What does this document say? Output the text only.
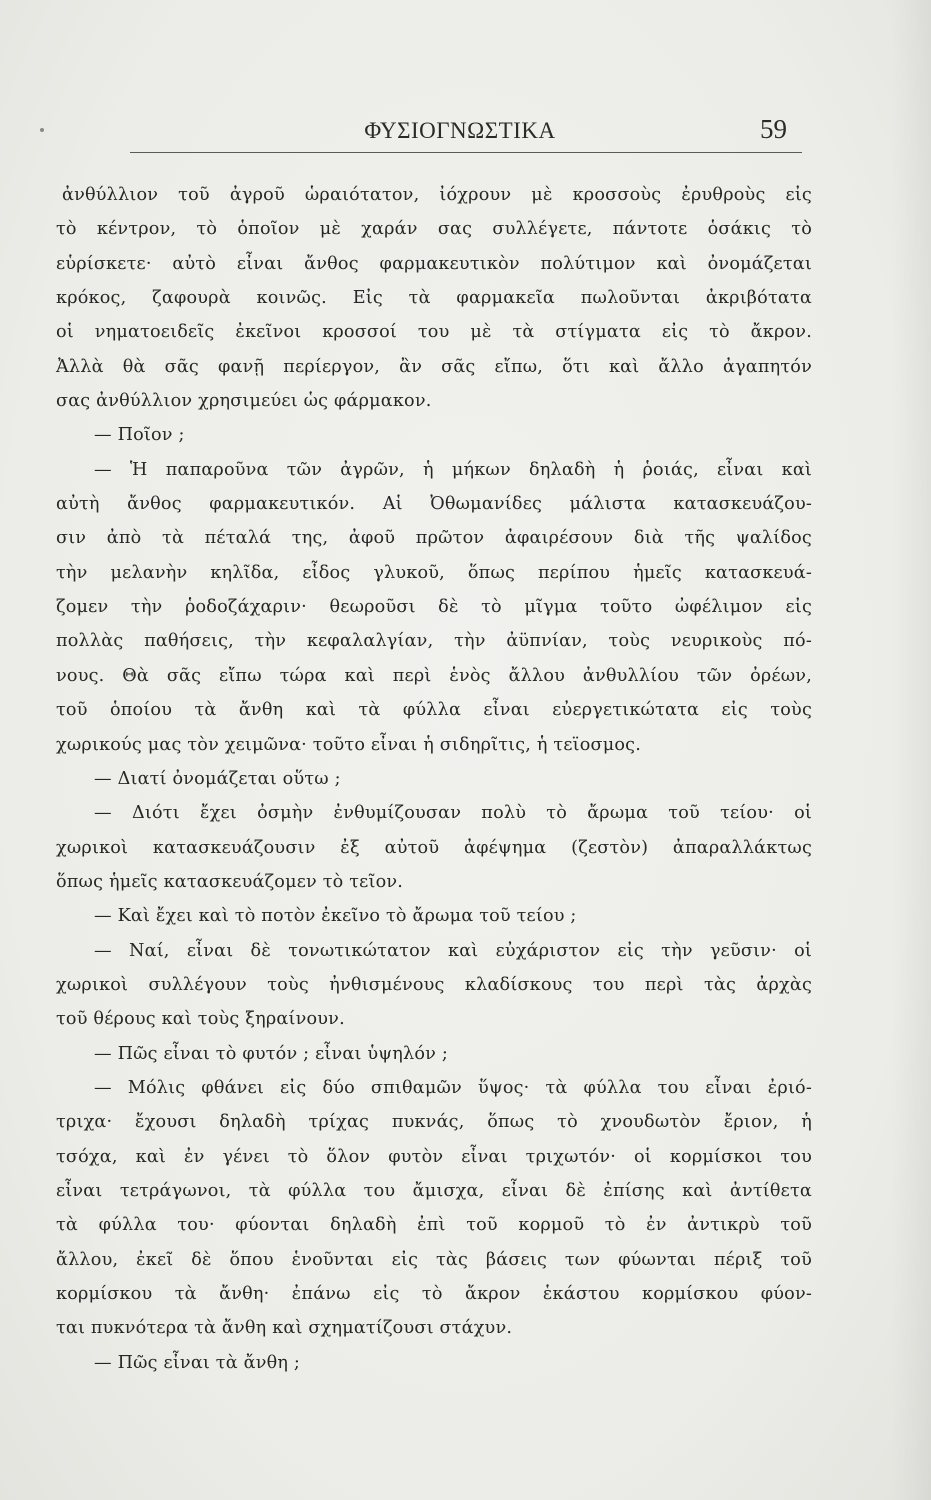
ΦΥΣΙΟΓΝΩΣΤΙΚΑ	59
ἀνθύλλιον τοῦ ἀγροῦ ὡραιότατον, ἰόχρουν μὲ κροσσοὺς ἐρυθροὺς εἰς
τὸ κέντρον, τὸ ὁποῖον μὲ χαράν σας συλλέγετε, πάντοτε ὁσάκις τὸ
εὑρίσκετε· αὐτὸ εἶναι ἄνθος φαρμακευτικὸν πολύτιμον καὶ ὀνομάζεται
κρόκος, ζαφουρὰ κοινῶς. Εἰς τὰ φαρμακεῖα πωλοῦνται ἀκριβότατα
οἱ νηματοειδεῖς ἐκεῖνοι κροσσοί του μὲ τὰ στίγματα εἰς τὸ ἄκρον.
Ἀλλὰ θὰ σᾶς φανῇ περίεργον, ἂν σᾶς εἴπω, ὅτι καὶ ἄλλο ἀγαπητόν
σας ἀνθύλλιον χρησιμεύει ὡς φάρμακον.
— Ποῖον ;
— Ἡ παπαροῦνα τῶν ἀγρῶν, ἡ μήκων δηλαδὴ ἡ ῥοιάς, εἶναι καὶ
αὐτὴ ἄνθος φαρμακευτικόν. Αἱ Ὀθωμανίδες μάλιστα κατασκευάζου-
σιν ἀπὸ τὰ πέταλά της, ἀφοῦ πρῶτον ἀφαιρέσουν διὰ τῆς ψαλίδος
τὴν μελανὴν κηλῖδα, εἶδος γλυκοῦ, ὅπως περίπου ἡμεῖς κατασκευά-
ζομεν τὴν ῥοδοζάχαριν· θεωροῦσι δὲ τὸ μῖγμα τοῦτο ὠφέλιμον εἰς
πολλὰς παθήσεις, τὴν κεφαλαλγίαν, τὴν ἀϋπνίαν, τοὺς νευρικοὺς πό-
νους. Θὰ σᾶς εἴπω τώρα καὶ περὶ ἑνὸς ἄλλου ἀνθυλλίου τῶν ὀρέων,
τοῦ ὁποίου τὰ ἄνθη καὶ τὰ φύλλα εἶναι εὐεργετικώτατα εἰς τοὺς
χωρικούς μας τὸν χειμῶνα· τοῦτο εἶναι ἡ σιδηρῖτις, ἡ τεϊοσμος.
— Διατί ὀνομάζεται οὕτω ;
— Διότι ἔχει ὀσμὴν ἐνθυμίζουσαν πολὺ τὸ ἄρωμα τοῦ τείου· οἱ
χωρικοὶ κατασκευάζουσιν ἐξ αὐτοῦ ἀφέψημα (ζεστὸν) ἀπαραλλάκτως
ὅπως ἡμεῖς κατασκευάζομεν τὸ τεῖον.
— Καὶ ἔχει καὶ τὸ ποτὸν ἐκεῖνο τὸ ἄρωμα τοῦ τείου ;
— Ναί, εἶναι δὲ τονωτικώτατον καὶ εὐχάριστον εἰς τὴν γεῦσιν· οἱ
χωρικοὶ συλλέγουν τοὺς ἠνθισμένους κλαδίσκους του περὶ τὰς ἀρχὰς
τοῦ θέρους καὶ τοὺς ξηραίνουν.
— Πῶς εἶναι τὸ φυτόν ; εἶναι ὑψηλόν ;
— Μόλις φθάνει εἰς δύο σπιθαμῶν ὕψος· τὰ φύλλα του εἶναι ἐριό-
τριχα· ἔχουσι δηλαδὴ τρίχας πυκνάς, ὅπως τὸ χνουδωτὸν ἔριον, ἡ
τσόχα, καὶ ἐν γένει τὸ ὅλον φυτὸν εἶναι τριχωτόν· οἱ κορμίσκοι του
εἶναι τετράγωνοι, τὰ φύλλα του ἄμισχα, εἶναι δὲ ἐπίσης καὶ ἀντίθετα
τὰ φύλλα του· φύονται δηλαδὴ ἐπὶ τοῦ κορμοῦ τὸ ἐν ἀντικρὺ τοῦ
ἄλλου, ἐκεῖ δὲ ὅπου ἑνοῦνται εἰς τὰς βάσεις των φύωνται πέριξ τοῦ
κορμίσκου τὰ ἄνθη· ἐπάνω εἰς τὸ ἄκρον ἑκάστου κορμίσκου φύον-
ται πυκνότερα τὰ ἄνθη καὶ σχηματίζουσι στάχυν.
— Πῶς εἶναι τὰ ἄνθη ;
